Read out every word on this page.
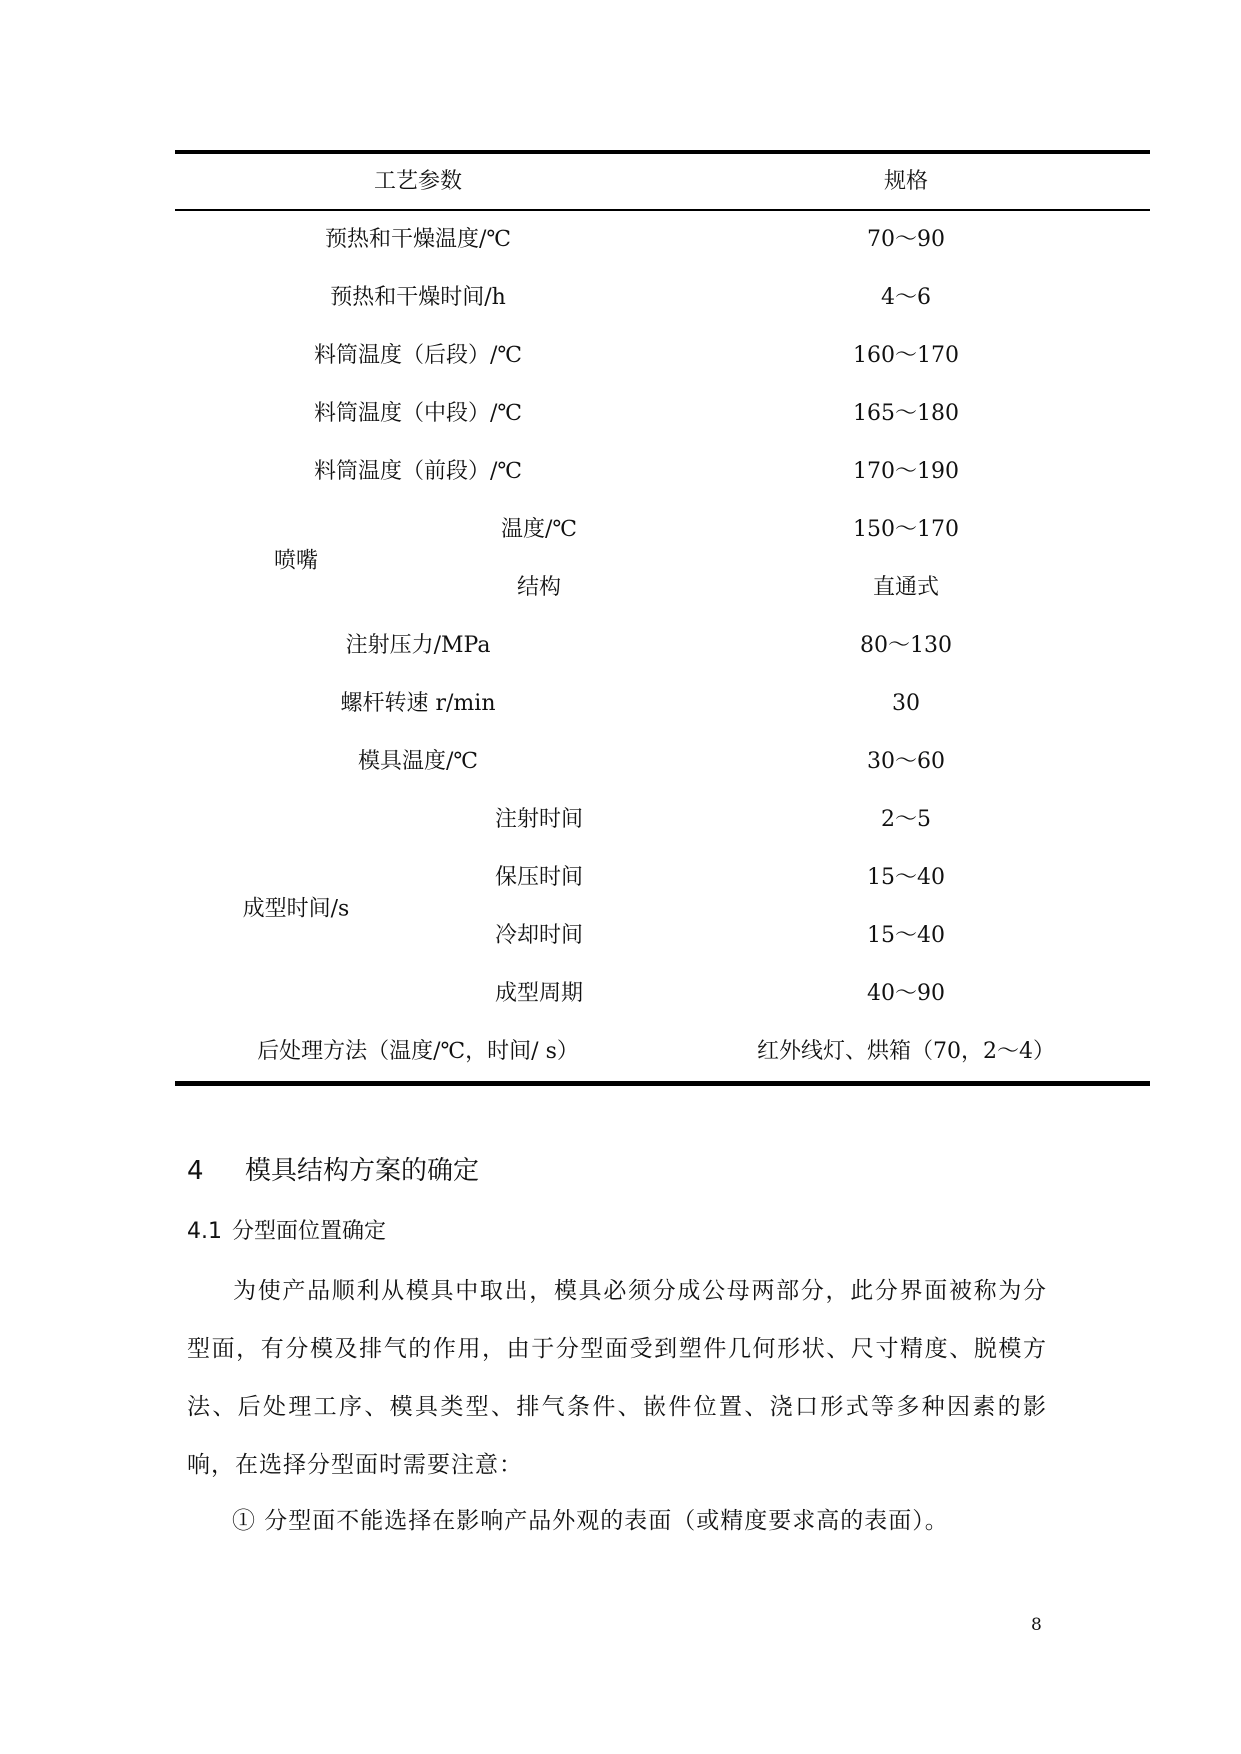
工艺参数	规格
预热和干燥温度/℃	70～90
预热和干燥时间/h	4～6
料筒温度（后段）/℃	160～170
料筒温度（中段）/℃	165～180
料筒温度（前段）/℃	170～190
喷嘴
温度/℃	150～170
结构	直通式
注射压力/MPa	80～130
螺杆转速 r/min	30
模具温度/℃	30～60
成型时间/s
注射时间	2～5
保压时间	15～40
冷却时间	15～40
成型周期	40～90
后处理方法（温度/℃，时间/ s）	红外线灯、烘箱（70，2～4）
4 模具结构方案的确定
4.1 分型面位置确定

为使产品顺利从模具中取出，模具必须分成公母两部分，此分界面被称为分型面，有分模及排气的作用，由于分型面受到塑件几何形状、尺寸精度、脱模方法、后处理工序、模具类型、排气条件、嵌件位置、浇口形式等多种因素的影响，在选择分型面时需要注意：

① 分型面不能选择在影响产品外观的表面（或精度要求高的表面）。
8
